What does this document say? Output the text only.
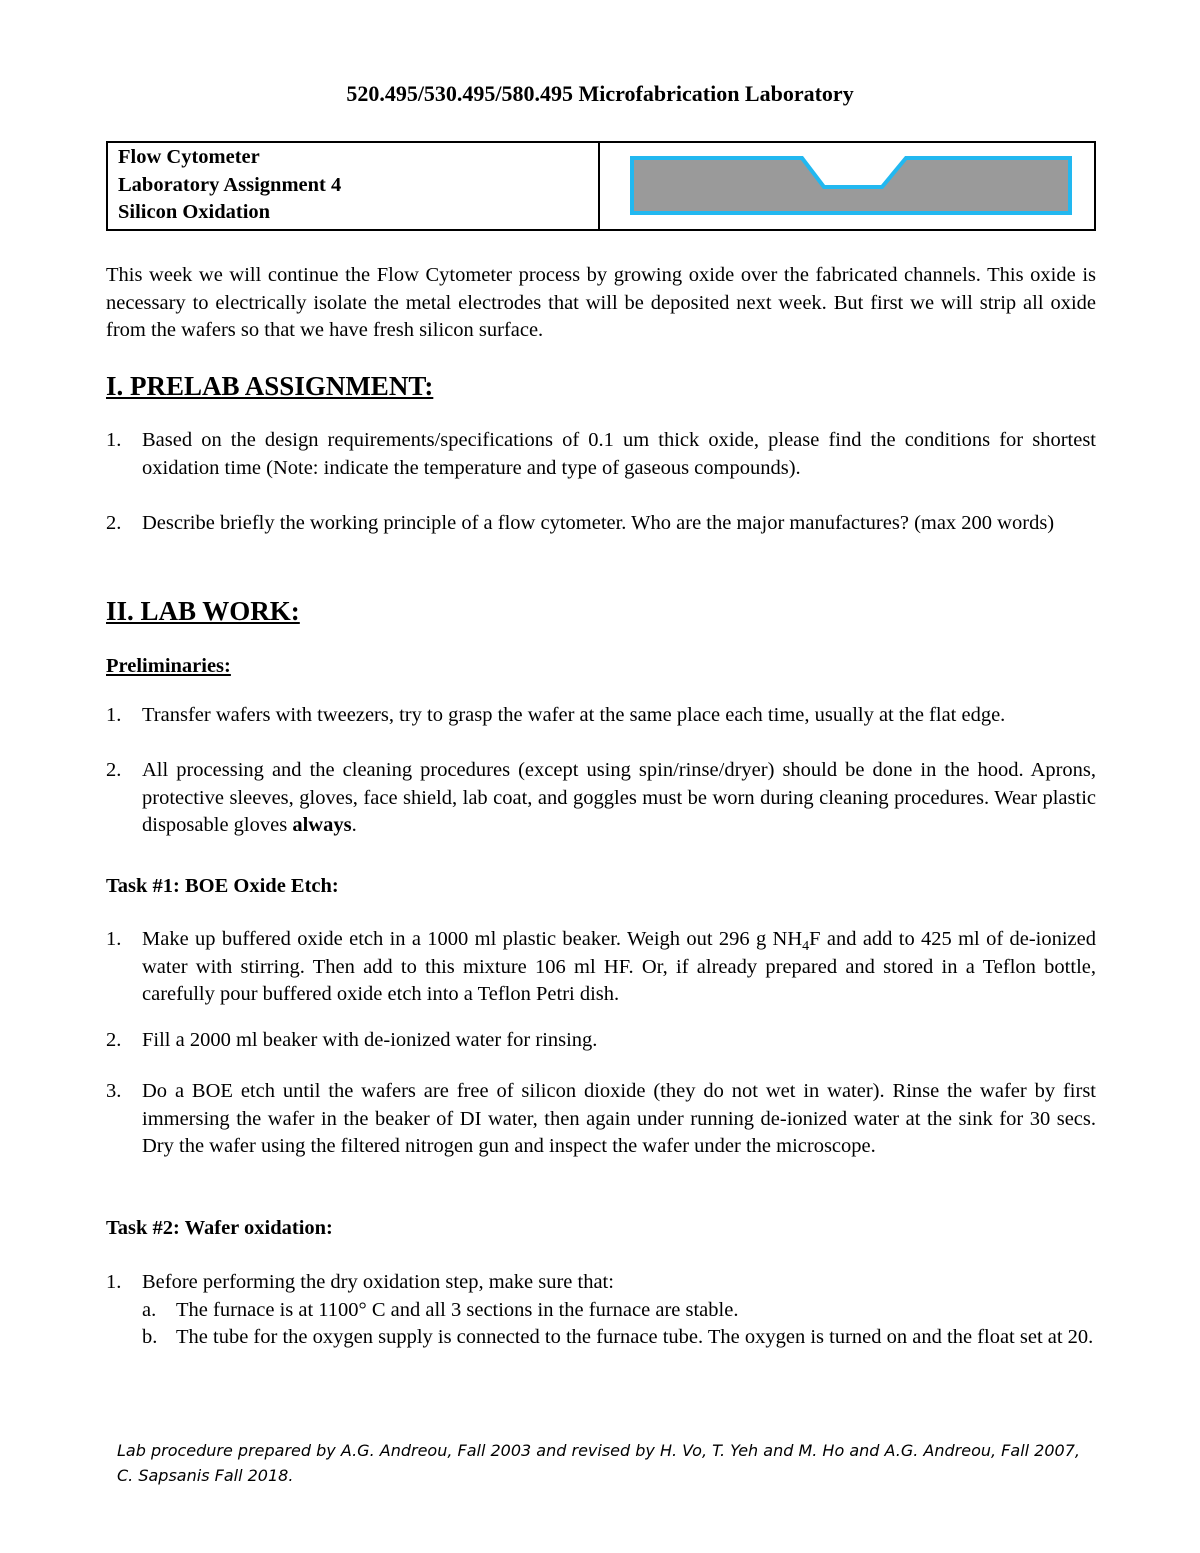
520.495/530.495/580.495 Microfabrication Laboratory
Flow Cytometer
Laboratory Assignment 4
Silicon Oxidation
This week we will continue the Flow Cytometer process by growing oxide over the fabricated channels. This oxide is necessary to electrically isolate the metal electrodes that will be deposited next week. But first we will strip all oxide from the wafers so that we have fresh silicon surface.
I. PRELAB ASSIGNMENT:
1. Based on the design requirements/specifications of 0.1 um thick oxide, please find the conditions for shortest oxidation time (Note: indicate the temperature and type of gaseous compounds).
2. Describe briefly the working principle of a flow cytometer. Who are the major manufactures? (max 200 words)
II. LAB WORK:
Preliminaries:
1. Transfer wafers with tweezers, try to grasp the wafer at the same place each time, usually at the flat edge.
2. All processing and the cleaning procedures (except using spin/rinse/dryer) should be done in the hood. Aprons, protective sleeves, gloves, face shield, lab coat, and goggles must be worn during cleaning procedures. Wear plastic disposable gloves always.
Task #1: BOE Oxide Etch:
1. Make up buffered oxide etch in a 1000 ml plastic beaker. Weigh out 296 g $NH_4F$ and add to 425 ml of de-ionized water with stirring. Then add to this mixture 106 ml HF. Or, if already prepared and stored in a Teflon bottle, carefully pour buffered oxide etch into a Teflon Petri dish.
2. Fill a 2000 ml beaker with de-ionized water for rinsing.
3. Do a BOE etch until the wafers are free of silicon dioxide (they do not wet in water). Rinse the wafer by first immersing the wafer in the beaker of DI water, then again under running de-ionized water at the sink for 30 secs. Dry the wafer using the filtered nitrogen gun and inspect the wafer under the microscope.
Task #2: Wafer oxidation:
1. Before performing the dry oxidation step, make sure that:
a. The furnace is at 1100° C and all 3 sections in the furnace are stable.
b. The tube for the oxygen supply is connected to the furnace tube. The oxygen is turned on and the float set at 20.
Lab procedure prepared by A.G. Andreou, Fall 2003 and revised by H. Vo, T. Yeh and M. Ho and A.G. Andreou, Fall 2007,
C. Sapsanis Fall 2018.
